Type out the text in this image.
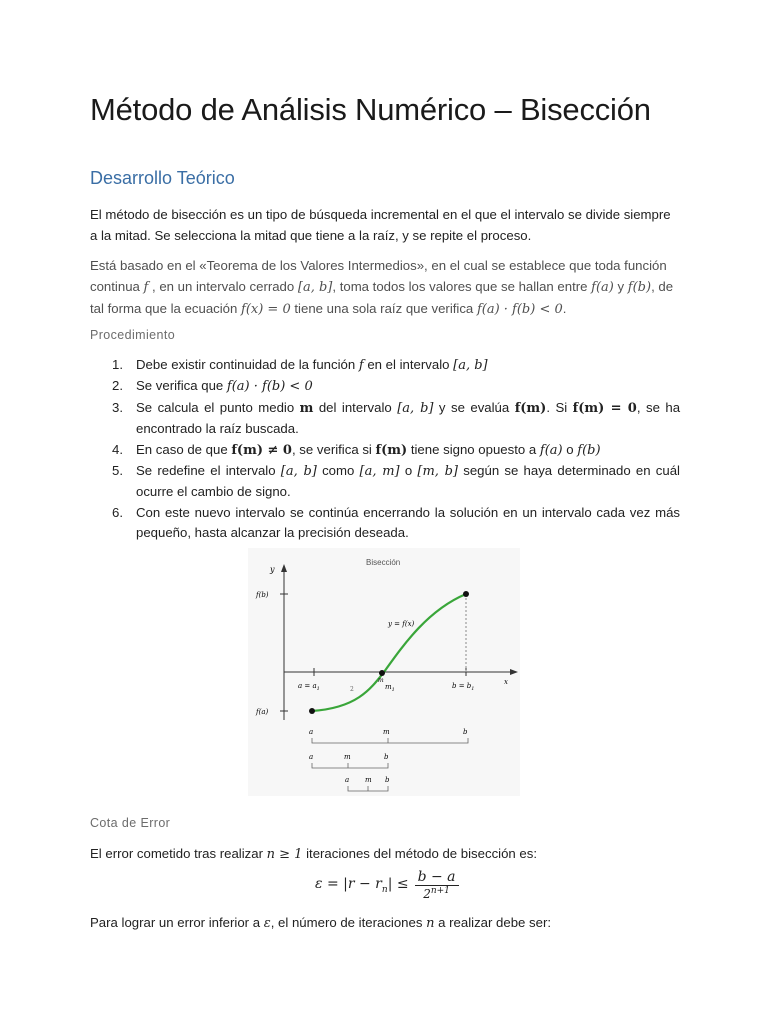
Método de Análisis Numérico – Bisección
Desarrollo Teórico

El método de bisección es un tipo de búsqueda incremental en el que el intervalo se divide siempre a la mitad. Se selecciona la mitad que tiene a la raíz, y se repite el proceso.

Está basado en el «Teorema de los Valores Intermedios», en el cual se establece que toda función continua f , en un intervalo cerrado [a, b], toma todos los valores que se hallan entre f(a) y f(b), de tal forma que la ecuación f(x) = 0 tiene una sola raíz que verifica f(a) · f(b) < 0.

Procedimiento
1. Debe existir continuidad de la función f en el intervalo [a, b]
2. Se verifica que f(a) · f(b) < 0
3. Se calcula el punto medio m del intervalo [a, b] y se evalúa f(m). Si f(m) = 0, se ha encontrado la raíz buscada.
4. En caso de que f(m) ≠ 0, se verifica si f(m) tiene signo opuesto a f(a) o f(b)
5. Se redefine el intervalo [a, b] como [a, m] o [m, b] según se haya determinado en cuál ocurre el cambio de signo.
6. Con este nuevo intervalo se continúa encerrando la solución en un intervalo cada vez más pequeño, hasta alcanzar la precisión deseada.
Bisección
y
x
f(b)
f(a)
y = f(x)
$a = a_1$	2
m
$m_1$	$b = b_1$
a	m	b
a	m	b
a m b
Cota de Error

El error cometido tras realizar n ≥ 1 iteraciones del método de bisección es:

$\varepsilon = |r - r_n| \le \frac{b - a}{2^{n+1}}$

Para lograr un error inferior a ε, el número de iteraciones n a realizar debe ser:
